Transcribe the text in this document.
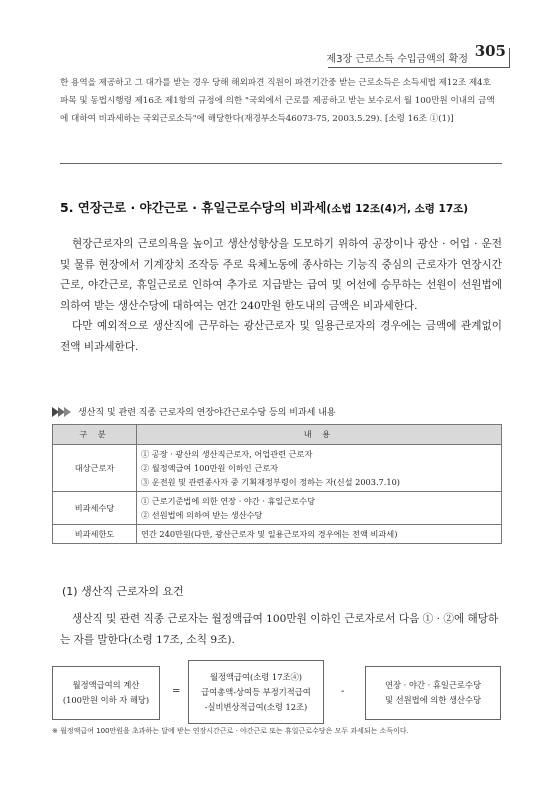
제3장 근로소득 수입금액의 확정 305
한 용역을 제공하고 그 대가를 받는 경우 당해 해외파견 직원이 파견기간중 받는 근로소득은 소득세법 제12조 제4호 파목 및 동법시행령 제16조 제1항의 규정에 의한 "국외에서 근로를 제공하고 받는 보수로서 월 100만원 이내의 금액에 대하여 비과세하는 국외근로소득"에 해당한다(재경부소득46073-75, 2003.5.29). [소령 16조 ①(1)]
5. 연장근로 · 야간근로 · 휴일근로수당의 비과세(소법 12조(4)거, 소령 17조)

현장근로자의 근로의욕을 높이고 생산성향상을 도모하기 위하여 공장이나 광산 · 어업 · 운전 및 물류 현장에서 기계장치 조작등 주로 육체노동에 종사하는 기능직 중심의 근로자가 연장시간근로, 야간근로, 휴일근로로 인하여 추가로 지급받는 급여 및 어선에 승무하는 선원이 선원법에 의하여 받는 생산수당에 대하여는 연간 240만원 한도내의 금액은 비과세한다.

다만 예외적으로 생산직에 근무하는 광산근로자 및 일용근로자의 경우에는 금액에 관계없이 전액 비과세한다.

생산직 및 관련 직종 근로자의 연장야간근로수당 등의 비과세 내용
구 분	내 용
대상근로자	① 공장 · 광산의 생산직근로자, 어업관련 근로자
② 월정액급여 100만원 이하인 근로자
③ 운전원 및 관련종사자 중 기획재정부령이 정하는 자(신설 2003.7.10)

비과세수당	① 근로기준법에 의한 연장 · 야간 · 휴일근로수당
② 선원법에 의하여 받는 생산수당

비과세한도	연간 240만원(다만, 광산근로자 및 일용근로자의 경우에는 전액 비과세)
(1) 생산직 근로자의 요건
생산직 및 관련 직종 근로자는 월정액급여 100만원 이하인 근로자로서 다음 ① · ②에 해당하는 자를 말한다(소령 17조, 소칙 9조).
월정액급여의 계산
(100만원 이하 자 해당)
=
월정액급여(소령 17조④)
급여총액-상여등 부정기적급여
-실비변상적급여(소령 12조)
-
연장 · 야간 · 휴일근로수당
및 선원법에 의한 생산수당
※ 월정액급여 100만원을 초과하는 달에 받는 연장시간근로 · 야간근로 또는 휴일근로수당은 모두 과세되는 소득이다.
